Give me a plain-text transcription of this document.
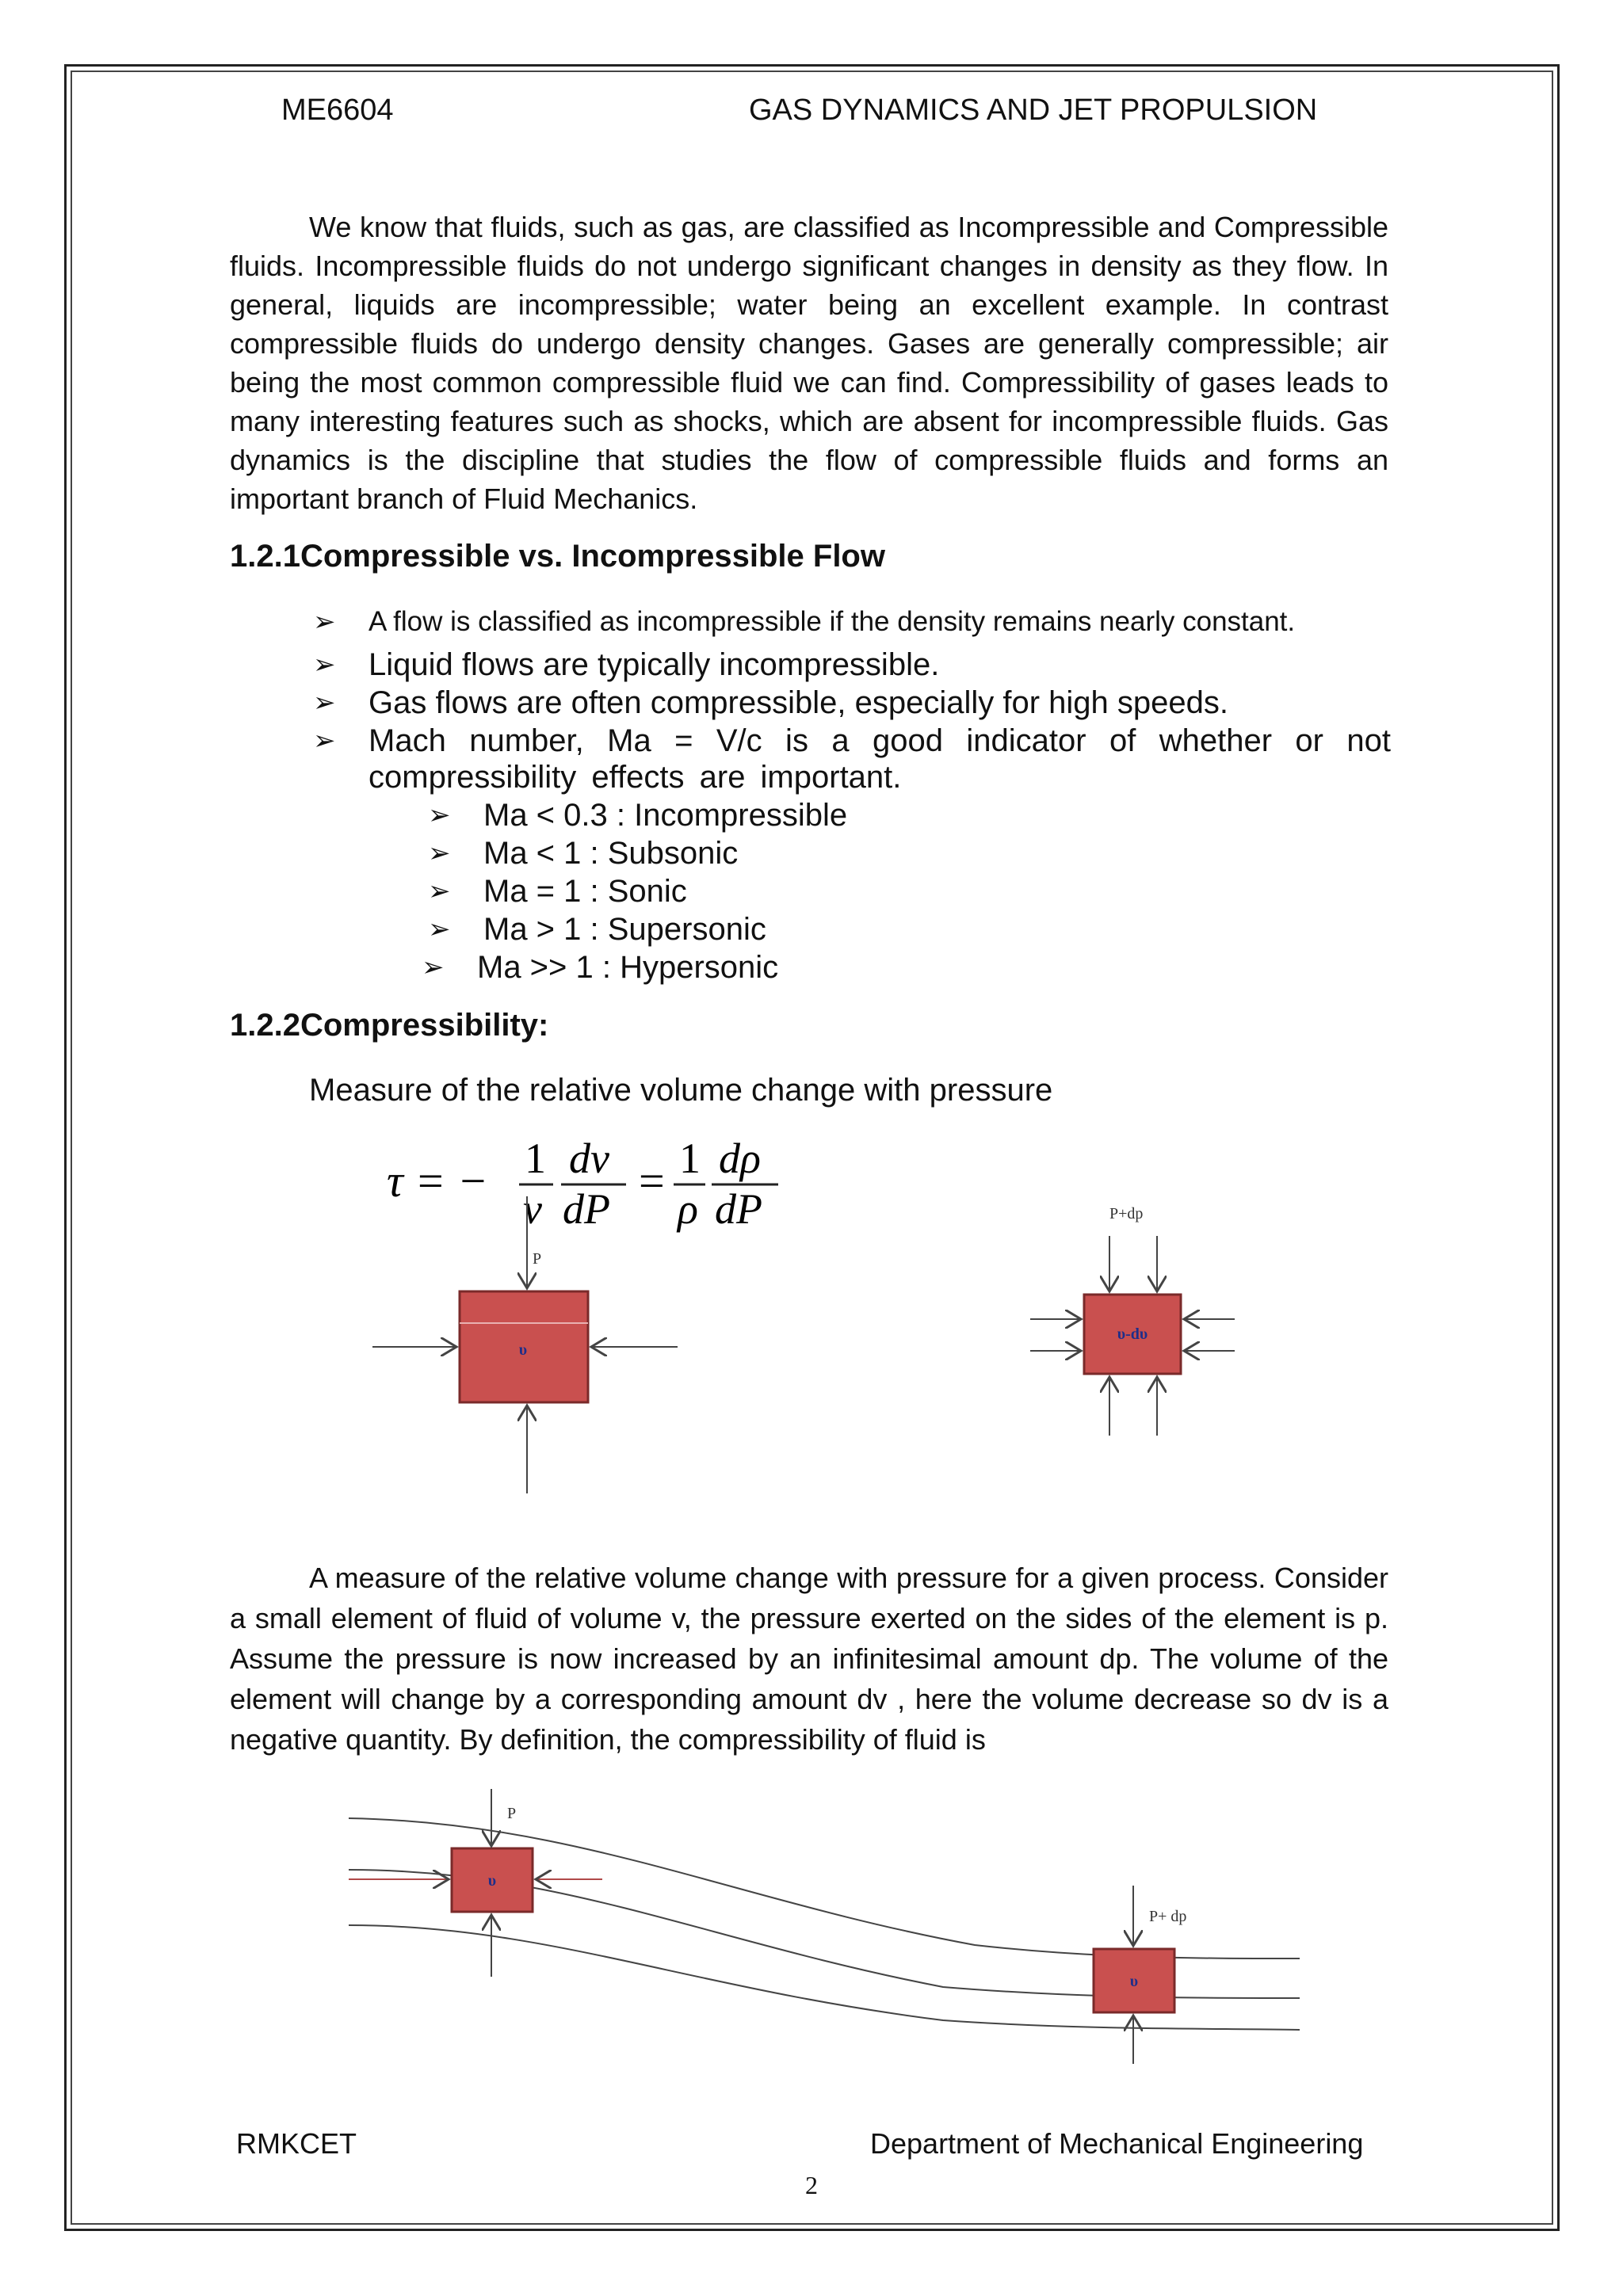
ME6604	GAS DYNAMICS AND JET PROPULSION
We know that fluids, such as gas, are classified as Incompressible and Compressible fluids. Incompressible fluids do not undergo significant changes in density as they flow. In general, liquids are incompressible; water being an excellent example. In contrast compressible fluids do undergo density changes. Gases are generally compressible; air being the most common compressible fluid we can find. Compressibility of gases leads to many interesting features such as shocks, which are absent for incompressible fluids. Gas dynamics is the discipline that studies the flow of compressible fluids and forms an important branch of Fluid Mechanics.
1.2.1Compressible vs. Incompressible Flow
➢	A flow is classified as incompressible if the density remains nearly constant.
➢	Liquid flows are typically incompressible.
➢	Gas flows are often compressible, especially for high speeds.
➢	Mach number, Ma = V/c is a good indicator of whether or not compressibility effects are important.
➢	Ma < 0.3 : Incompressible
➢	Ma < 1 : Subsonic
➢	Ma = 1 : Sonic
➢	Ma > 1 : Supersonic
➢	Ma >> 1 : Hypersonic
1.2.2Compressibility:
Measure of the relative volume change with pressure
τ = − 1
v
dv
dP
= 1
ρ
dρ
dP
υ
P
υ-dυ
P+dp
A measure of the relative volume change with pressure for a given process. Consider a small element of fluid of volume v, the pressure exerted on the sides of the element is p. Assume the pressure is now increased by an infinitesimal amount dp. The volume of the element will change by a corresponding amount dv , here the volume decrease so dv is a negative quantity. By definition, the compressibility of fluid is
υ
P
υ
P+ dp
RMKCET	Department of Mechanical Engineering
2
